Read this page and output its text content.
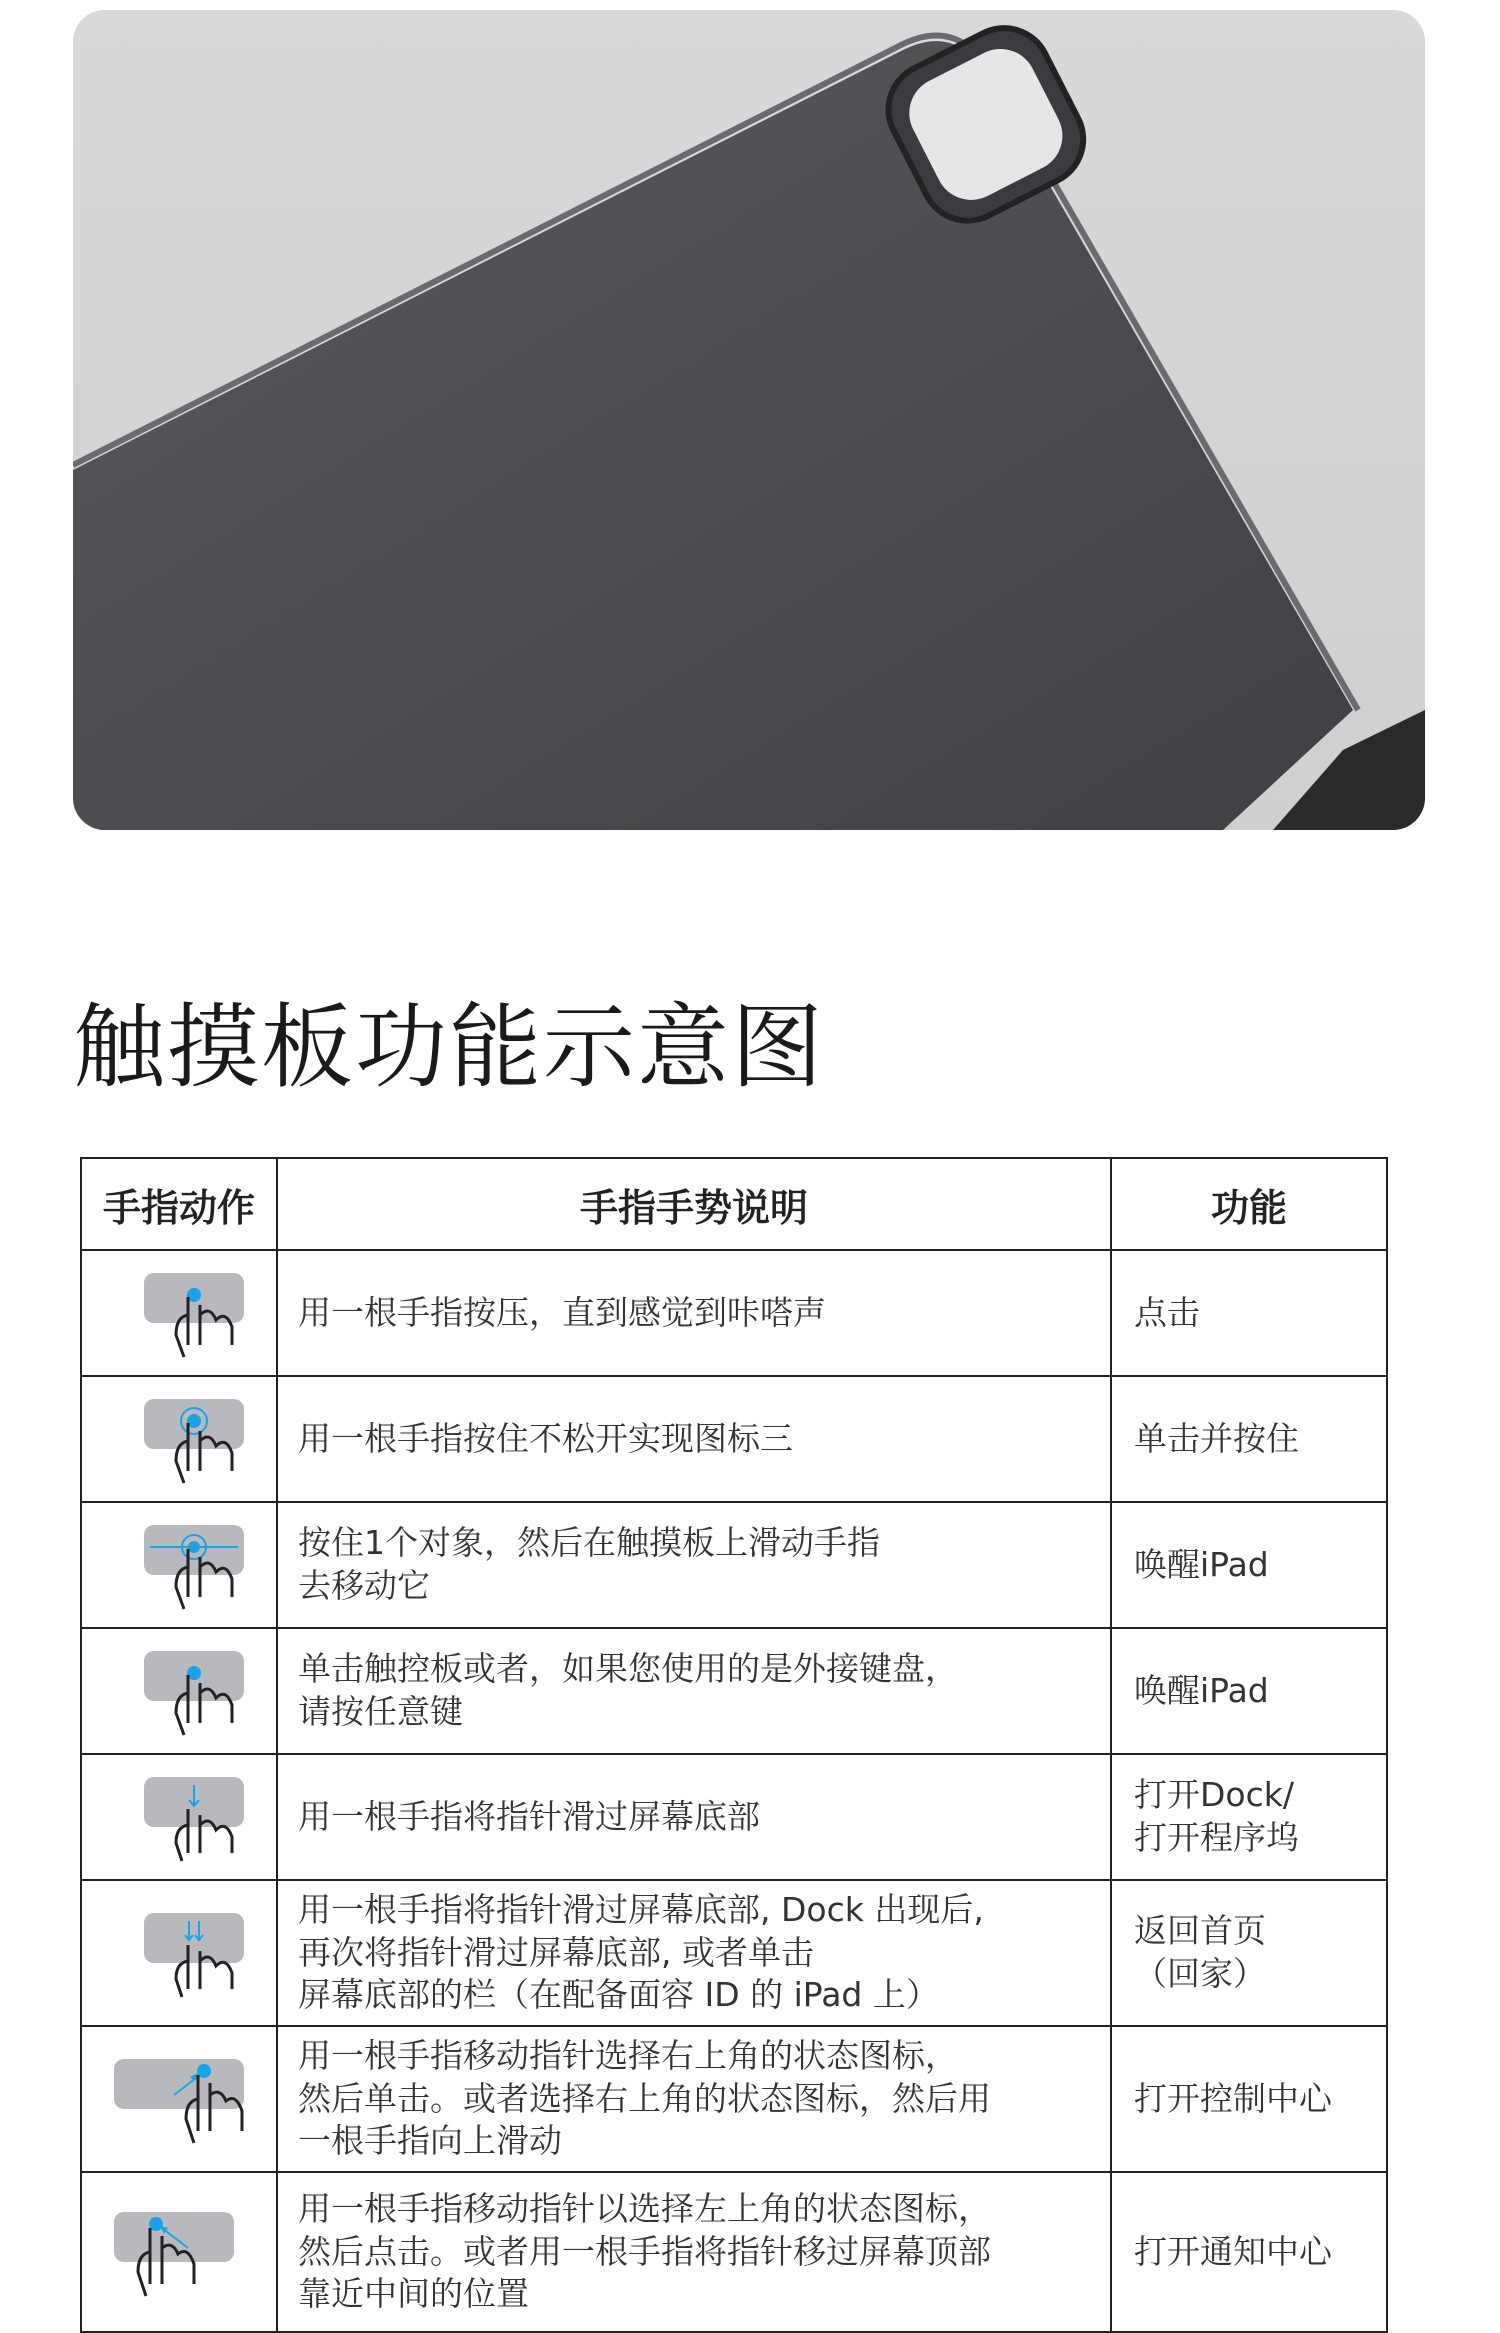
触摸板功能示意图
手指动作	手指手势说明	功能

用一根手指按压，直到感觉到咔嗒声	点击

用一根手指按住不松开实现图标三	单击并按住

按住1个对象，然后在触摸板上滑动手指
去移动它	唤醒iPad

单击触控板或者，如果您使用的是外接键盘，
请按任意键	唤醒iPad

用一根手指将指针滑过屏幕底部	打开Dock/
打开程序坞

用一根手指将指针滑过屏幕底部, Dock 出现后,
再次将指针滑过屏幕底部, 或者单击
屏幕底部的栏（在配备面容 ID 的 iPad 上）	返回首页
（回家）

用一根手指移动指针选择右上角的状态图标，
然后单击。或者选择右上角的状态图标，然后用
一根手指向上滑动	打开控制中心

用一根手指移动指针以选择左上角的状态图标，
然后点击。或者用一根手指将指针移过屏幕顶部
靠近中间的位置	打开通知中心
